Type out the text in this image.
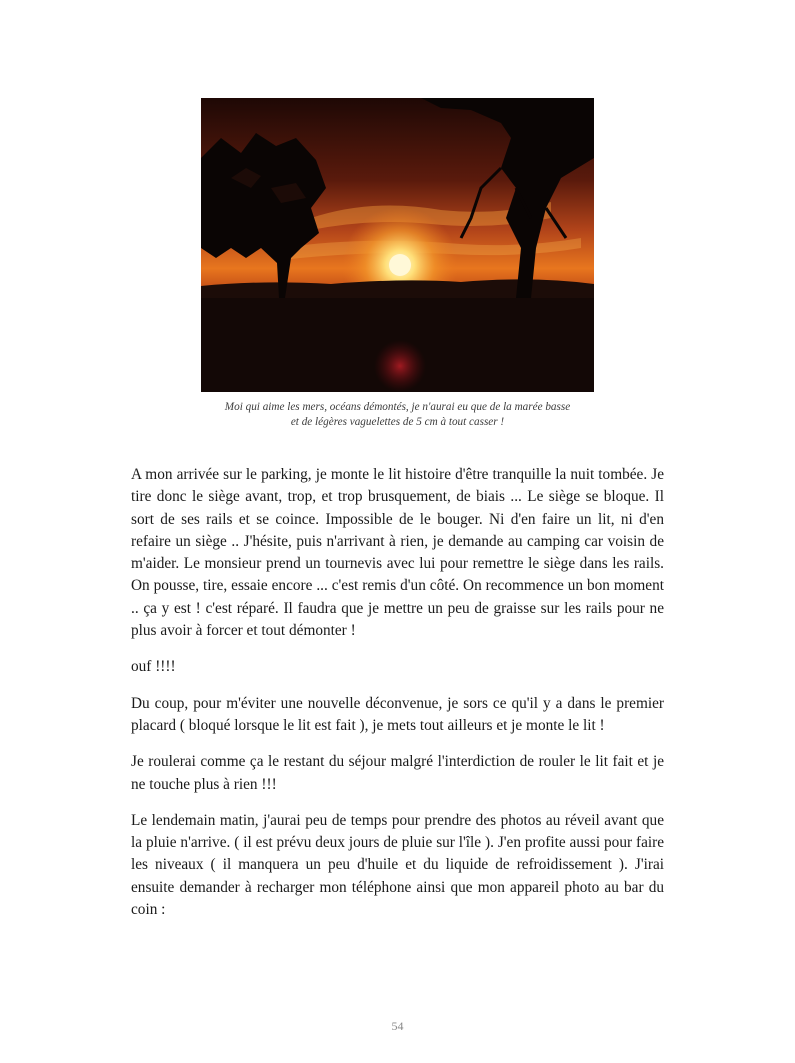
Moi qui aime les mers, océans démontés, je n'aurai eu que de la marée basse
et de légères vaguelettes de 5 cm à tout casser !

A mon arrivée sur le parking, je monte le lit histoire d'être tranquille la nuit tombée. Je tire donc le siège avant, trop, et trop brusquement, de biais ... Le siège se bloque. Il sort de ses rails et se coince. Impossible de le bouger. Ni d'en faire un lit, ni d'en refaire un siège .. J'hésite, puis n'arrivant à rien, je demande au camping car voisin de m'aider. Le monsieur prend un tournevis avec lui pour remettre le siège dans les rails. On pousse, tire, essaie encore ... c'est remis d'un côté. On recommence un bon moment .. ça y est ! c'est réparé. Il faudra que je mettre un peu de graisse sur les rails pour ne plus avoir à forcer et tout démonter !

ouf !!!!

Du coup, pour m'éviter une nouvelle déconvenue, je sors ce qu'il y a dans le premier placard ( bloqué lorsque le lit est fait ), je mets tout ailleurs et je monte le lit !

Je roulerai comme ça le restant du séjour malgré l'interdiction de rouler le lit fait et je ne touche plus à rien !!!

Le lendemain matin, j'aurai peu de temps pour prendre des photos au réveil avant que la pluie n'arrive. ( il est prévu deux jours de pluie sur l'île ). J'en profite aussi pour faire les niveaux ( il manquera un peu d'huile et du liquide de refroidissement ). J'irai ensuite demander à recharger mon téléphone ainsi que mon appareil photo au bar du coin :

54
